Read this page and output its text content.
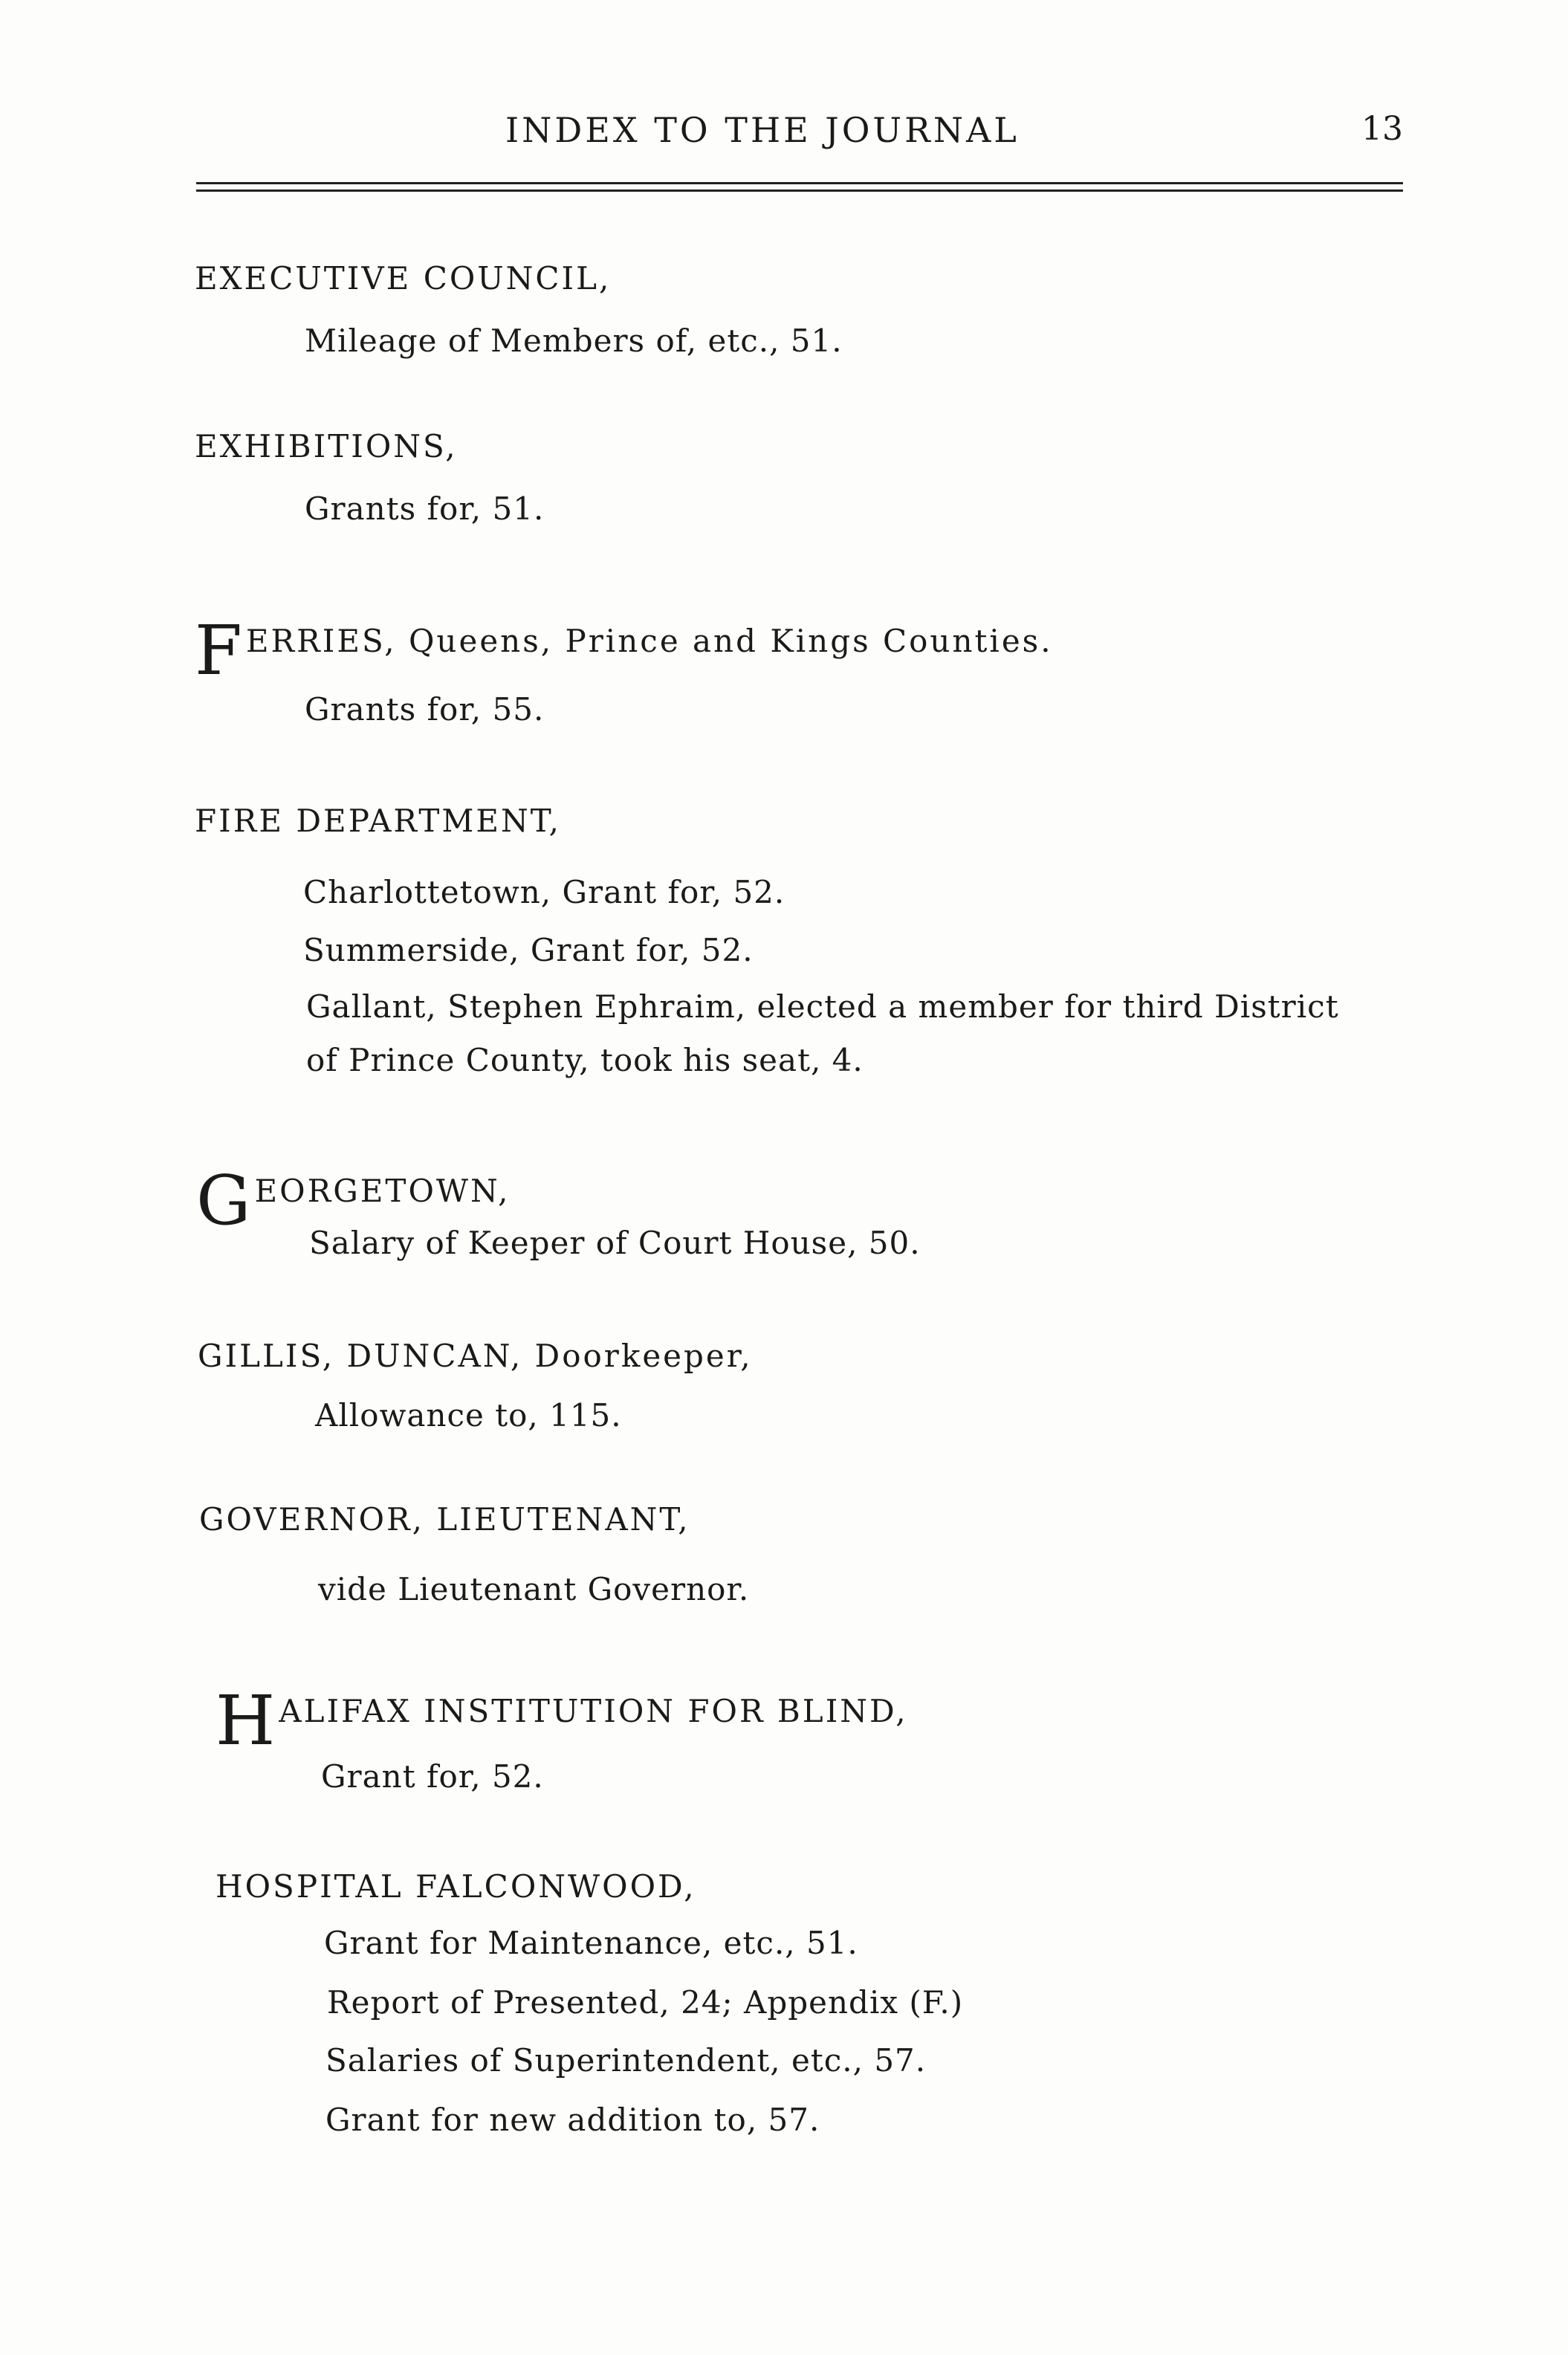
INDEX TO THE JOURNAL	13
EXECUTIVE COUNCIL,
Mileage of Members of, etc., 51.
EXHIBITIONS,
Grants for, 51.
FERRIES, Queens, Prince and Kings Counties.
Grants for, 55.
FIRE DEPARTMENT,
Charlottetown, Grant for, 52.
Summerside, Grant for, 52.
Gallant, Stephen Ephraim, elected a member for third District
of Prince County, took his seat, 4.
GEORGETOWN,
Salary of Keeper of Court House, 50.
GILLIS, DUNCAN, Doorkeeper,
Allowance to, 115.
GOVERNOR, LIEUTENANT,
vide Lieutenant Governor.
HALIFAX INSTITUTION FOR BLIND,
Grant for, 52.
HOSPITAL FALCONWOOD,
Grant for Maintenance, etc., 51.
Report of Presented, 24; Appendix (F.)
Salaries of Superintendent, etc., 57.
Grant for new addition to, 57.
